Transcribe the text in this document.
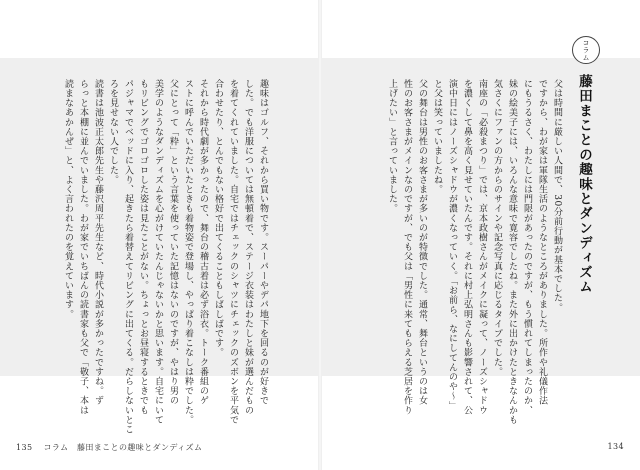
コラム
藤田まことの趣味とダンディズム

父は時間に厳しい人間で、30分前行動が基本でした。

ですから、わが家は軍隊生活のようなところがありました。所作や礼儀作法

にもうるさく、わたしには門限があったのですが、もう慣れてしまったのか、

妹の絵美子には、いろんな意味で寛容でしたね。また外に出かけたときなんかも

気さくにファンの方からのサインや記念写真に応じるタイプでした。

南座の「必殺まつり」では、京本政樹さんがメイクに凝って、ノーズシャドウ

を濃くして鼻を高く見せていたんです。それに村上弘明さんも影響されて、公

演中日にはノーズシャドウが濃くなっていく。「お前ら、なにしてんのや～」

と父は笑っていましたね。

父の舞台は男性のお客さまが多いのが特徴でした。通常、舞台というのは女

性のお客さまがメインなのですが、でも父は「男性に来てもらえる芝居を作り

上げたい」と言っていました。

趣味はゴルフ、それから買い物です。スーパーやデパ地下を回るのが好きで

した。でも洋服については無頓着で、ステージ衣装はわたしと妹が選んだもの

を着てくれていました。自宅ではチェックのシャツにチェックのズボンを平気で

合わせたり、とんでもない格好で出てくることもしばしばです。

それから時代劇が多かったので、舞台の稽古着は必ず浴衣。トーク番組のゲ

ストに呼んでいただいたときも着物姿で登場し、やっぱり着こなしは粋でした。

父にとって「粋」という言葉を使っていた記憶はないのですが、やはり男の

美学のようなダンディズムを心がけていたんじゃないかと思います。自宅にいて

もリビングでゴロゴロした姿は見たことがない。ちょっとお昼寝するときでも

パジャマでベッドに入り、起きたら着替えてリビングに出てくる。だらしないとこ

ろを見せない人でした。

読書は池波正太郎先生や藤沢周平先生など、時代小説が多かったですね。ず

らっと本棚に並んでいました。わが家でいちばんの読書家も父で「敬子、本は

読まなあかんぜ」と、よく言われたのを覚えています。

135 コラム　藤田まことの趣味とダンディズム	134
